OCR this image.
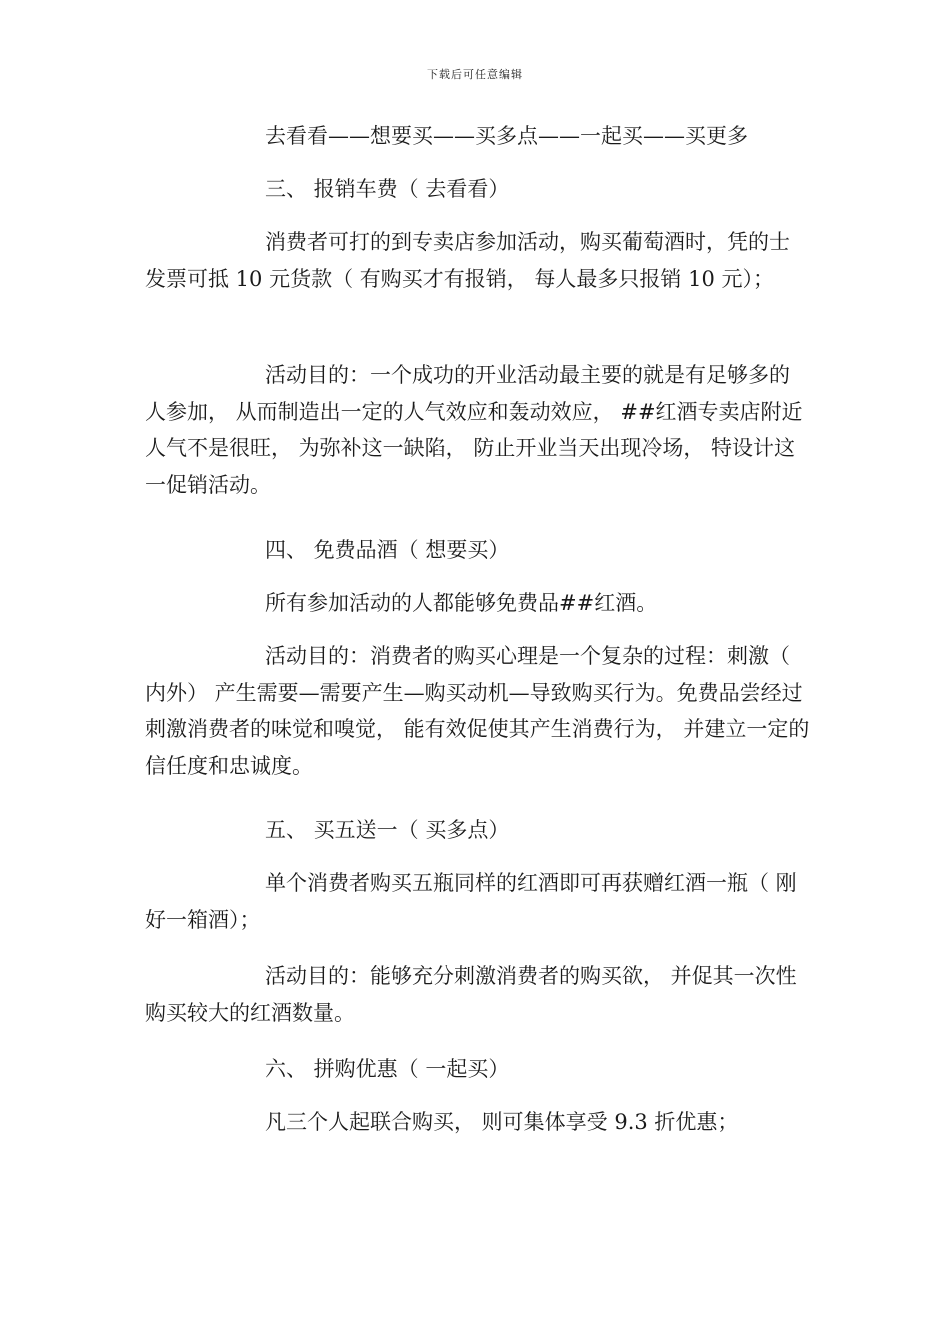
下载后可任意编辑

去看看——想要买——买多点——一起买——买更多

三、 报销车费（ 去看看）

消费者可打的到专卖店参加活动，购买葡萄酒时，凭的士发票可抵 10 元货款（ 有购买才有报销， 每人最多只报销 10 元）；

活动目的：一个成功的开业活动最主要的就是有足够多的人参加， 从而制造出一定的人气效应和轰动效应， ##红酒专卖店附近人气不是很旺， 为弥补这一缺陷， 防止开业当天出现冷场， 特设计这一促销活动。

四、 免费品酒（ 想要买）

所有参加活动的人都能够免费品##红酒。

活动目的：消费者的购买心理是一个复杂的过程：刺激（ 内外） 产生需要—需要产生—购买动机—导致购买行为。免费品尝经过刺激消费者的味觉和嗅觉， 能有效促使其产生消费行为， 并建立一定的信任度和忠诚度。

五、 买五送一（ 买多点）

单个消费者购买五瓶同样的红酒即可再获赠红酒一瓶（ 刚好一箱酒）；

活动目的：能够充分刺激消费者的购买欲， 并促其一次性购买较大的红酒数量。

六、 拼购优惠（ 一起买）

凡三个人起联合购买， 则可集体享受 9.3 折优惠；
